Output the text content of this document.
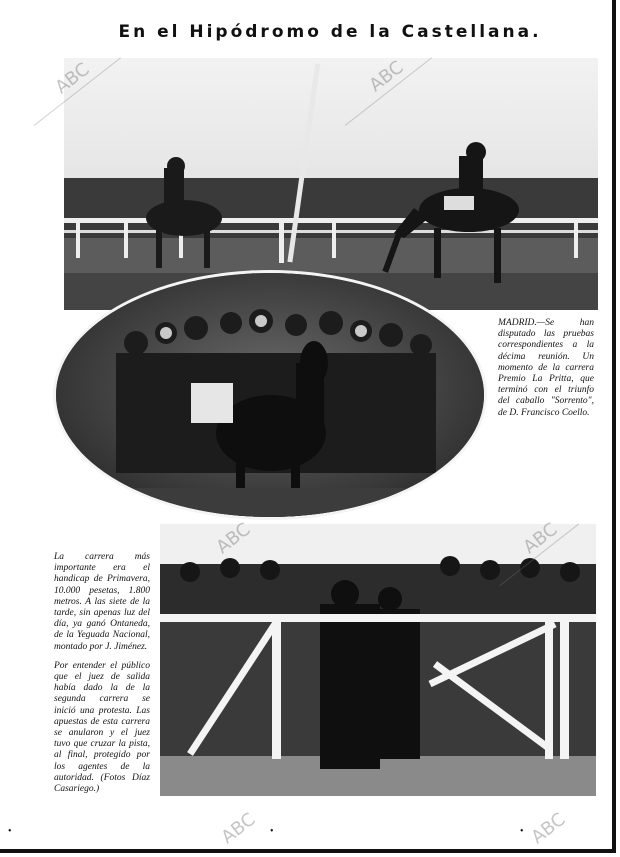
En el Hipódromo de la Castellana.
MADRID.—Se han disputado las pruebas correspondientes a la décima reunión. Un momento de la carrera Premio La Pritta, que terminó con el triunfo del caballo "Sorrento", de D. Francisco Coello.
La carrera más importante era el handicap de Primavera, 10.000 pesetas, 1.800 metros. A las siete de la tarde, sin apenas luz del día, ya ganó Ontaneda, de la Yeguada Nacional, montado por J. Jiménez.
Por entender el público que el juez de salida había dado la de la segunda carrera se inició una protesta. Las apuestas de esta carrera se anularon y el juez tuvo que cruzar la pista, al final, protegido por los agentes de la autoridad. (Fotos Díaz Casariego.)
ABC	ABC
ABC	ABC
ABC	ABC
•	•	•
